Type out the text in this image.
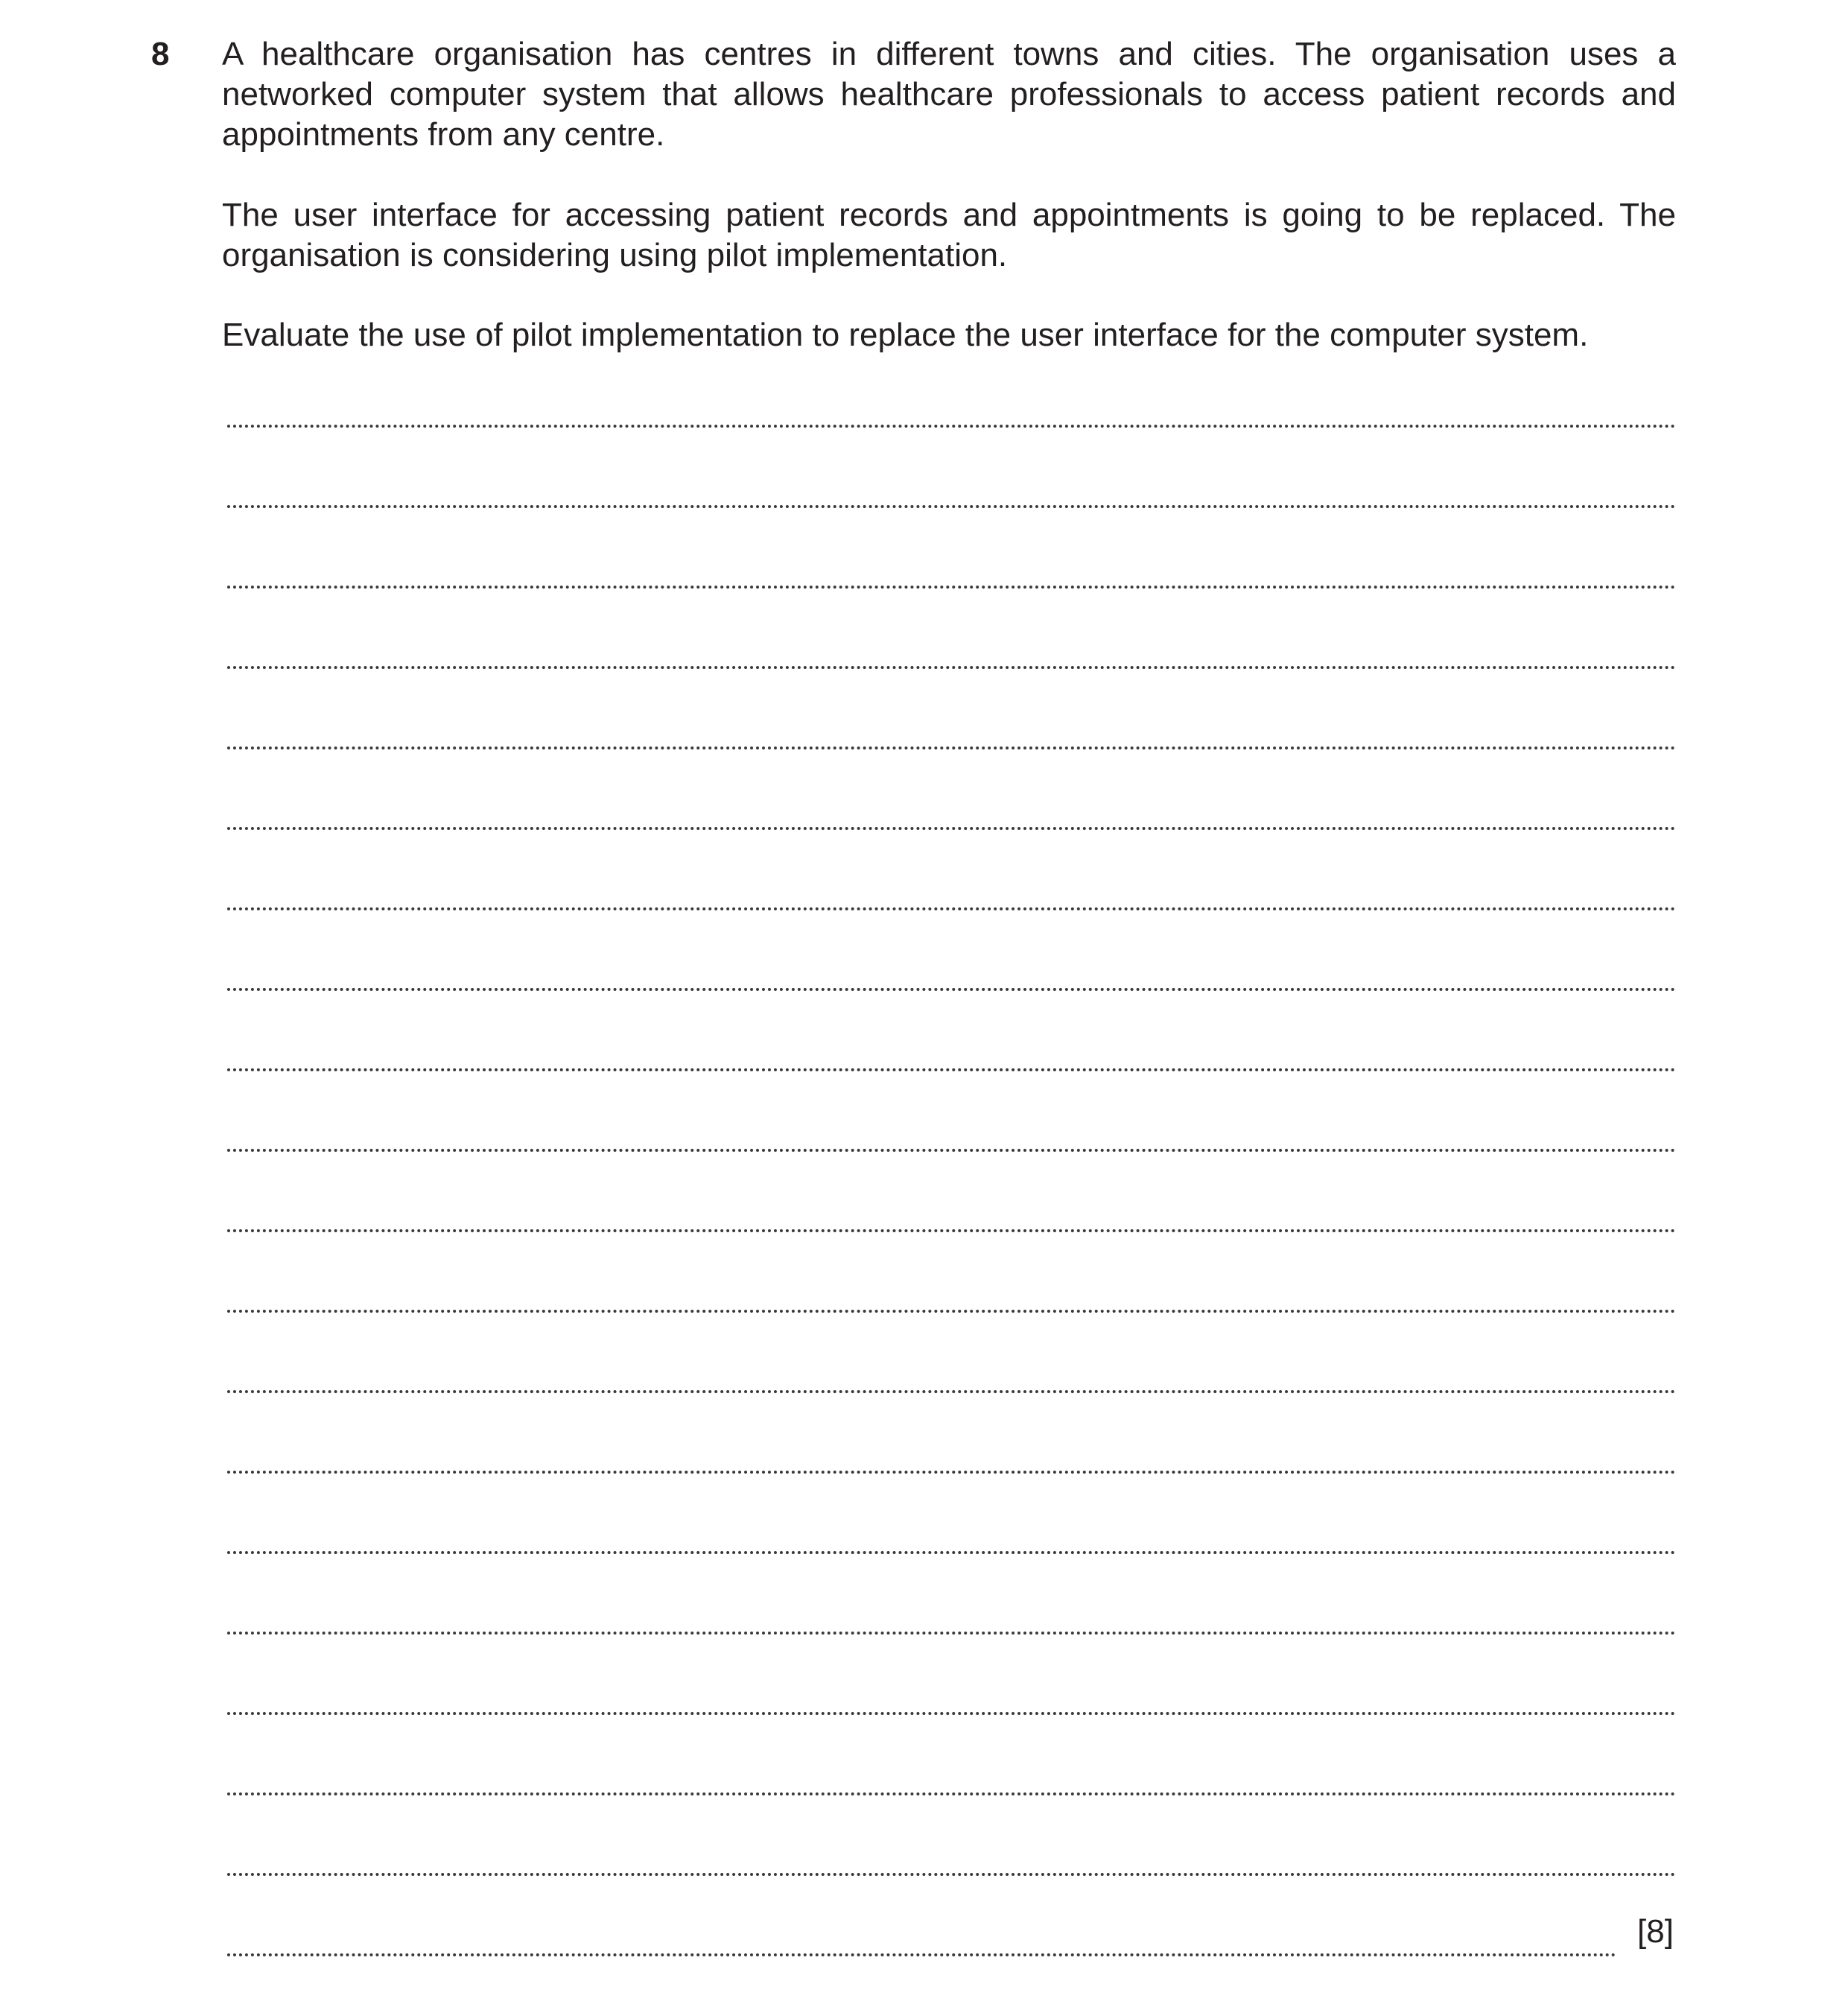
8 A healthcare organisation has centres in different towns and cities. The organisation uses a networked computer system that allows healthcare professionals to access patient records and appointments from any centre.

The user interface for accessing patient records and appointments is going to be replaced. The organisation is considering using pilot implementation.

Evaluate the use of pilot implementation to replace the user interface for the computer system.

[8]
